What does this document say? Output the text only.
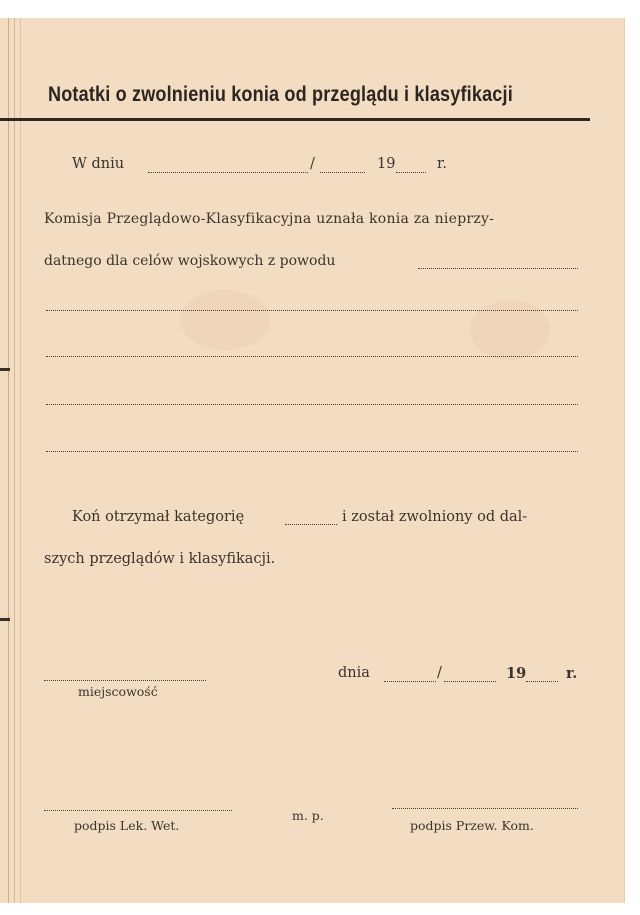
Notatki o zwolnieniu konia od przeglądu i klasyfikacji
W dniu	/	19	r.
Komisja Przeglądowo-Klasyfikacyjna uznała konia za nieprzy-
datnego dla celów wojskowych z powodu
Koń otrzymał kategorię	i został zwolniony od dal-
szych przeglądów i klasyfikacji.
miejscowość
dnia	/	19	r.
podpis Lek. Wet.
m. p.
podpis Przew. Kom.
